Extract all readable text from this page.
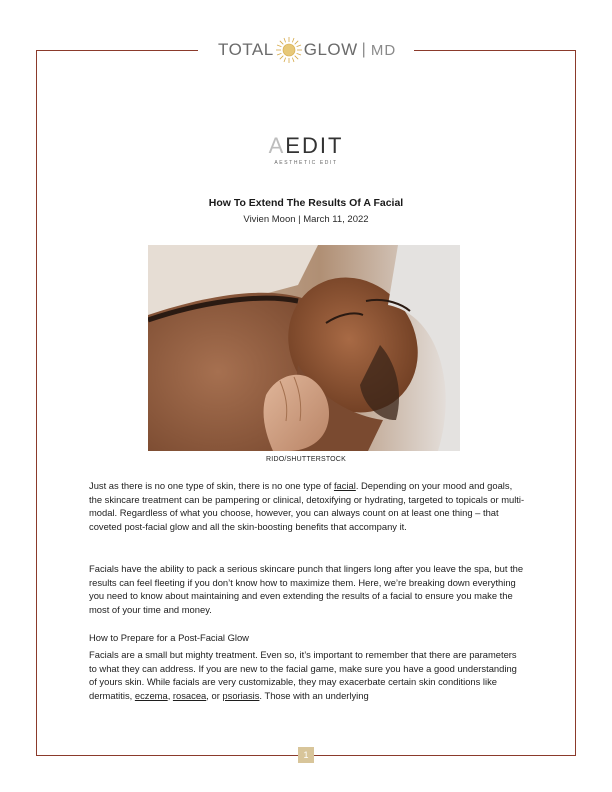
TOTAL GLOW | MD
AEDIT
AESTHETIC EDIT
How To Extend The Results Of A Facial
Vivien Moon | March 11, 2022
RIDO/SHUTTERSTOCK

Just as there is no one type of skin, there is no one type of facial. Depending on your mood and goals, the skincare treatment can be pampering or clinical, detoxifying or hydrating, targeted to topicals or multi-modal. Regardless of what you choose, however, you can always count on at least one thing – that coveted post-facial glow and all the skin-boosting benefits that accompany it.

Facials have the ability to pack a serious skincare punch that lingers long after you leave the spa, but the results can feel fleeting if you don’t know how to maximize them. Here, we’re breaking down everything you need to know about maintaining and even extending the results of a facial to ensure you make the most of your time and money.

How to Prepare for a Post-Facial Glow

Facials are a small but mighty treatment. Even so, it’s important to remember that there are parameters to what they can address. If you are new to the facial game, make sure you have a good understanding of yours skin. While facials are very customizable, they may exacerbate certain skin conditions like dermatitis, eczema, rosacea, or psoriasis. Those with an underlying

1
